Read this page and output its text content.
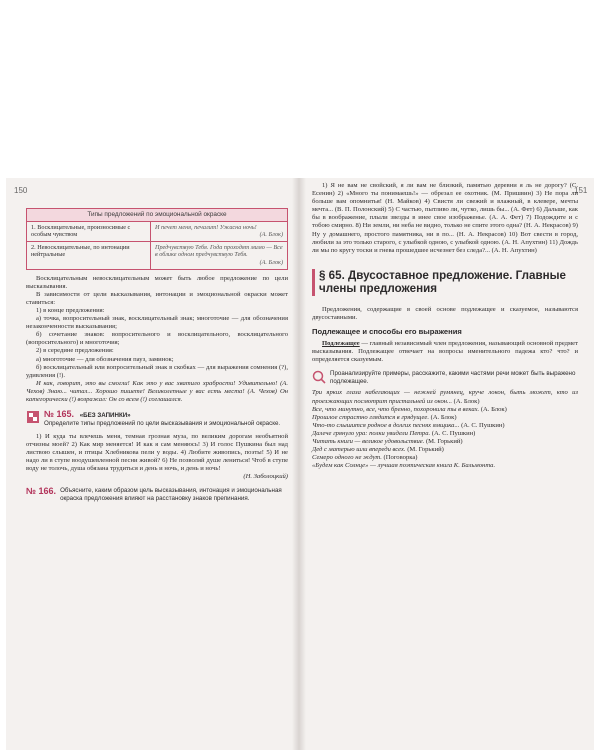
150	151
Типы предложений по эмоциональной окраске
1. Восклицательные, произносимые с особым чувством	И печет меня, печалит! Ужасна ночь!
(А. Блок)

2. Невосклицательные, по интонации нейтральные	Предчувствую Тебя. Года проходят мимо — Все в облике одном предчувствую Тебя.
(А. Блок)

Восклицательным невосклицательным может быть любое предложение по цели высказывания.

В зависимости от цели высказывания, интонации и эмоциональной окраски может ставиться:

1) в конце предложения:

а) точка, вопросительный знак, восклицательный знак; многоточие — для обозначения незаконченности высказывания;

б) сочетание знаков: вопросительного и восклицательного, восклицательного (вопросительного) и многоточия;

2) в середине предложения:

а) многоточие — для обозначения пауз, заминок;

б) восклицательный или вопросительный знак в скобках — для выражения сомнения (?), удивления (!).

И как, говорит, это вы смогли! Как это у вас хватило храбрости! Удивительно! (А. Чехов) Знаю... читал... Хорошо пишете! Великолепные у вас есть места! (А. Чехов) Он категорически (!) возражал: Он со всем (!) соглашался.

№ 165. «БЕЗ ЗАПИНКИ»
Определите типы предложений по цели высказывания и эмоциональной окраске.

1) И куда ты влечешь меня, темная грозная муза, по великим дорогам необъятной отчизны моей? 2) Как мир меняется! И как я сам меняюсь! 3) И голос Пушкина был над листвою слышен, и птицы Хлебникова пели у воды. 4) Любите живопись, поэты! 5) И не надо ли в ступе воодушевленной песни живой? 6) Не позволяй душе лениться! Чтоб в ступе воду не толочь, душа обязана трудиться и день и ночь, и день и ночь!

(Н. Заболоцкий)

№ 166. Объясните, каким образом цель высказывания, интонация и эмоциональная окраска предложения влияют на расстановку знаков препинания.

1) Я не вам не свойский, я ли вам не близкий, памятью деревни я ль не дорогу? (С. Есенин) 2) «Много ты понимаешь!» — обрезал ее охотник. (М. Пришвин) 3) Не пора ли больше вам опомнитья! (Н. Майков) 4) Свистя ли свежий и влажный, в клевере, мечты мечта... (В. П. Полонский) 5) С частью, пытливо ли, чутко, лишь бы... (А. Фет) 6) Дальше, как бы в воображение, плыли звезды в инее свое изображенье. (А. А. Фет) 7) Подождите и с тобою смирно. 8) Ни земли, ни неба не видно, только не спите этого одна? (Н. А. Некрасов) 9) Ну у домашнего, простого памятника, ни в по... (Н. А. Некрасов) 10) Вот свести в город, любили за это только старого, с улыбкой одною, с улыбкой одною. (А. Н. Апухтин) 11) Дождь ли мы по кругу тоски и гнева прошедшее исчезнет без следа?... (А. Н. Апухтин)

§ 65. Двусоставное предложение. Главные члены предложения

Предложения, содержащие в своей основе подлежащее и сказуемое, называются двусоставными.

Подлежащее и способы его выражения

Подлежащее — главный независимый член предложения, называющий основной предмет высказывания. Подлежащее отвечает на вопросы именительного падежа кто? что? и определяется сказуемым.

Проанализируйте примеры, расскажите, какими частями речи может быть выражено подлежащее.

Три ярких глаза набегающих — нежней румянец, круче локон, быть может, кто из проезжающих посмотрит пристальней из окон... (А. Блок)

Все, что минутно, все, что бренно, похоронила ты в веках. (А. Блок)

Прошлое страстно глядится в грядущее. (А. Блок)

Что-то слышится родное в долгих песнях ямщика... (А. С. Пушкин)

Далече грянуло ура: полки увидели Петра. (А. С. Пушкин)

Читать книги — великое удовольствие. (М. Горький)

Дед с матерью шли впереди всех. (М. Горький)

Семеро одного не ждут. (Поговорка)

«Будем как Солнце» — лучшая поэтическая книга К. Бальмонта.
